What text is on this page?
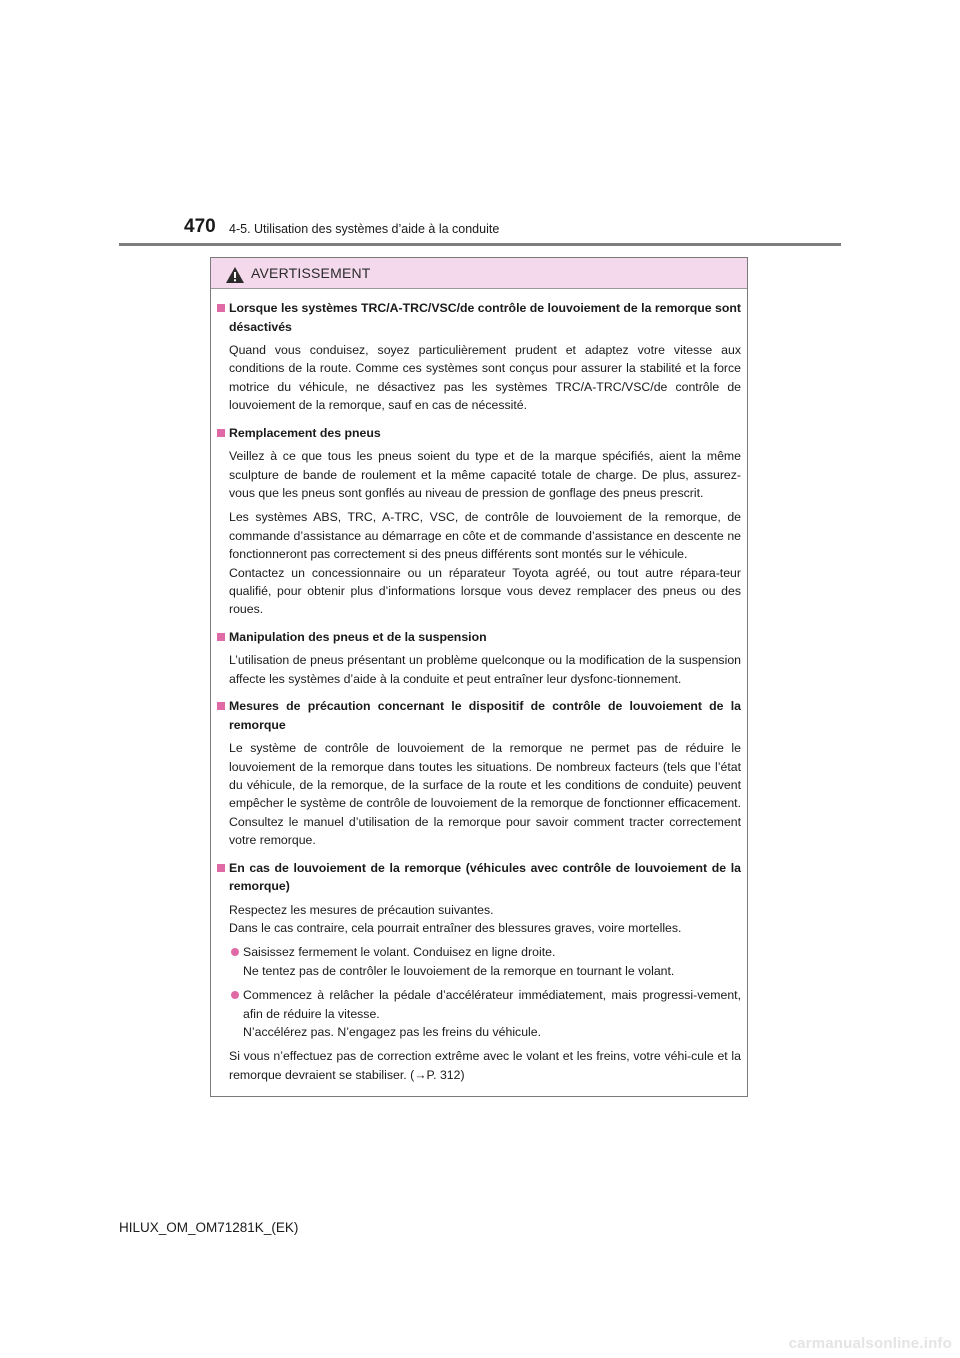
470 4-5. Utilisation des systèmes d’aide à la conduite
AVERTISSEMENT
Lorsque les systèmes TRC/A-TRC/VSC/de contrôle de louvoiement de la remorque sont désactivés
Quand vous conduisez, soyez particulièrement prudent et adaptez votre vitesse aux conditions de la route. Comme ces systèmes sont conçus pour assurer la stabilité et la force motrice du véhicule, ne désactivez pas les systèmes TRC/A-TRC/VSC/de contrôle de louvoiement de la remorque, sauf en cas de nécessité.
Remplacement des pneus
Veillez à ce que tous les pneus soient du type et de la marque spécifiés, aient la même sculpture de bande de roulement et la même capacité totale de charge. De plus, assurez-vous que les pneus sont gonflés au niveau de pression de gonflage des pneus prescrit.
Les systèmes ABS, TRC, A-TRC, VSC, de contrôle de louvoiement de la remorque, de commande d’assistance au démarrage en côte et de commande d’assistance en descente ne fonctionneront pas correctement si des pneus différents sont montés sur le véhicule.
Contactez un concessionnaire ou un réparateur Toyota agréé, ou tout autre répara-teur qualifié, pour obtenir plus d’informations lorsque vous devez remplacer des pneus ou des roues.
Manipulation des pneus et de la suspension
L’utilisation de pneus présentant un problème quelconque ou la modification de la suspension affecte les systèmes d’aide à la conduite et peut entraîner leur dysfonc-tionnement.
Mesures de précaution concernant le dispositif de contrôle de louvoiement de la remorque
Le système de contrôle de louvoiement de la remorque ne permet pas de réduire le louvoiement de la remorque dans toutes les situations. De nombreux facteurs (tels que l’état du véhicule, de la remorque, de la surface de la route et les conditions de conduite) peuvent empêcher le système de contrôle de louvoiement de la remorque de fonctionner efficacement. Consultez le manuel d’utilisation de la remorque pour savoir comment tracter correctement votre remorque.
En cas de louvoiement de la remorque (véhicules avec contrôle de louvoiement de la remorque)
Respectez les mesures de précaution suivantes.
Dans le cas contraire, cela pourrait entraîner des blessures graves, voire mortelles.
Saisissez fermement le volant. Conduisez en ligne droite.
Ne tentez pas de contrôler le louvoiement de la remorque en tournant le volant.
Commencez à relâcher la pédale d’accélérateur immédiatement, mais progressi-vement, afin de réduire la vitesse.
N’accélérez pas. N’engagez pas les freins du véhicule.
Si vous n’effectuez pas de correction extrême avec le volant et les freins, votre véhi-cule et la remorque devraient se stabiliser. (→P. 312)
HILUX_OM_OM71281K_(EK)
carmanualsonline.info
